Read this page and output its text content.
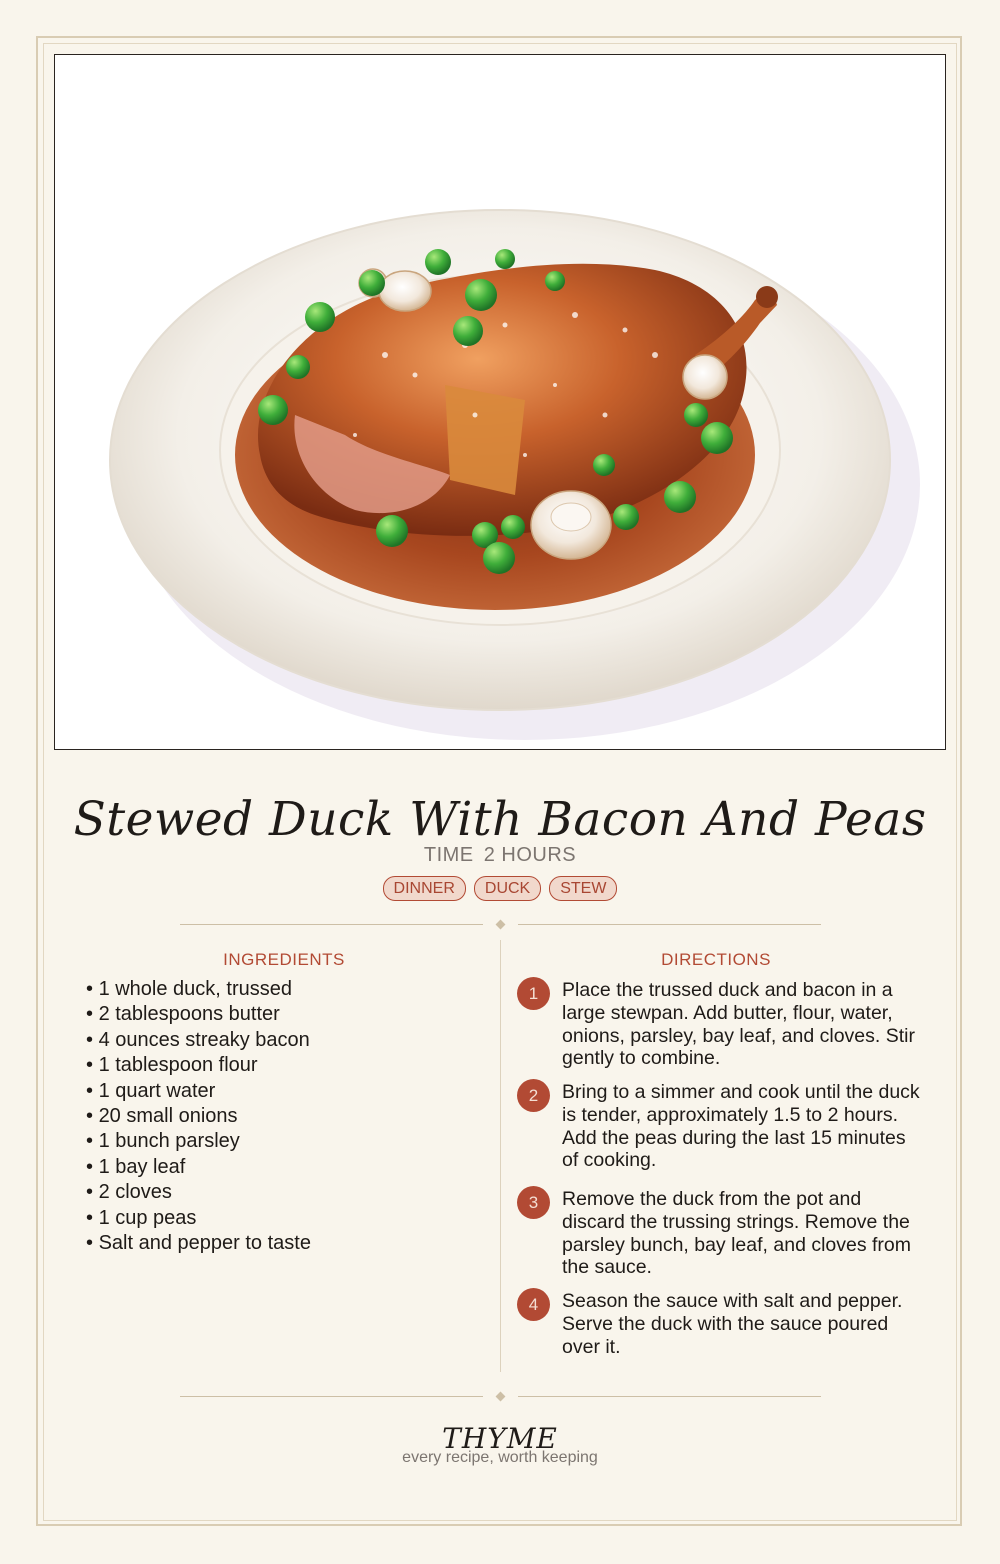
Stewed Duck With Bacon And Peas
TIME 2 HOURS
DINNER DUCK STEW
INGREDIENTS
• 1 whole duck, trussed
• 2 tablespoons butter
• 4 ounces streaky bacon
• 1 tablespoon flour
• 1 quart water
• 20 small onions
• 1 bunch parsley
• 1 bay leaf
• 2 cloves
• 1 cup peas
• Salt and pepper to taste
DIRECTIONS
1	Place the trussed duck and bacon in a large stewpan. Add butter, flour, water, onions, parsley, bay leaf, and cloves. Stir gently to combine.
2	Bring to a simmer and cook until the duck is tender, approximately 1.5 to 2 hours. Add the peas during the last 15 minutes of cooking.
3	Remove the duck from the pot and discard the trussing strings. Remove the parsley bunch, bay leaf, and cloves from the sauce.
4	Season the sauce with salt and pepper. Serve the duck with the sauce poured over it.
THYME
every recipe, worth keeping
